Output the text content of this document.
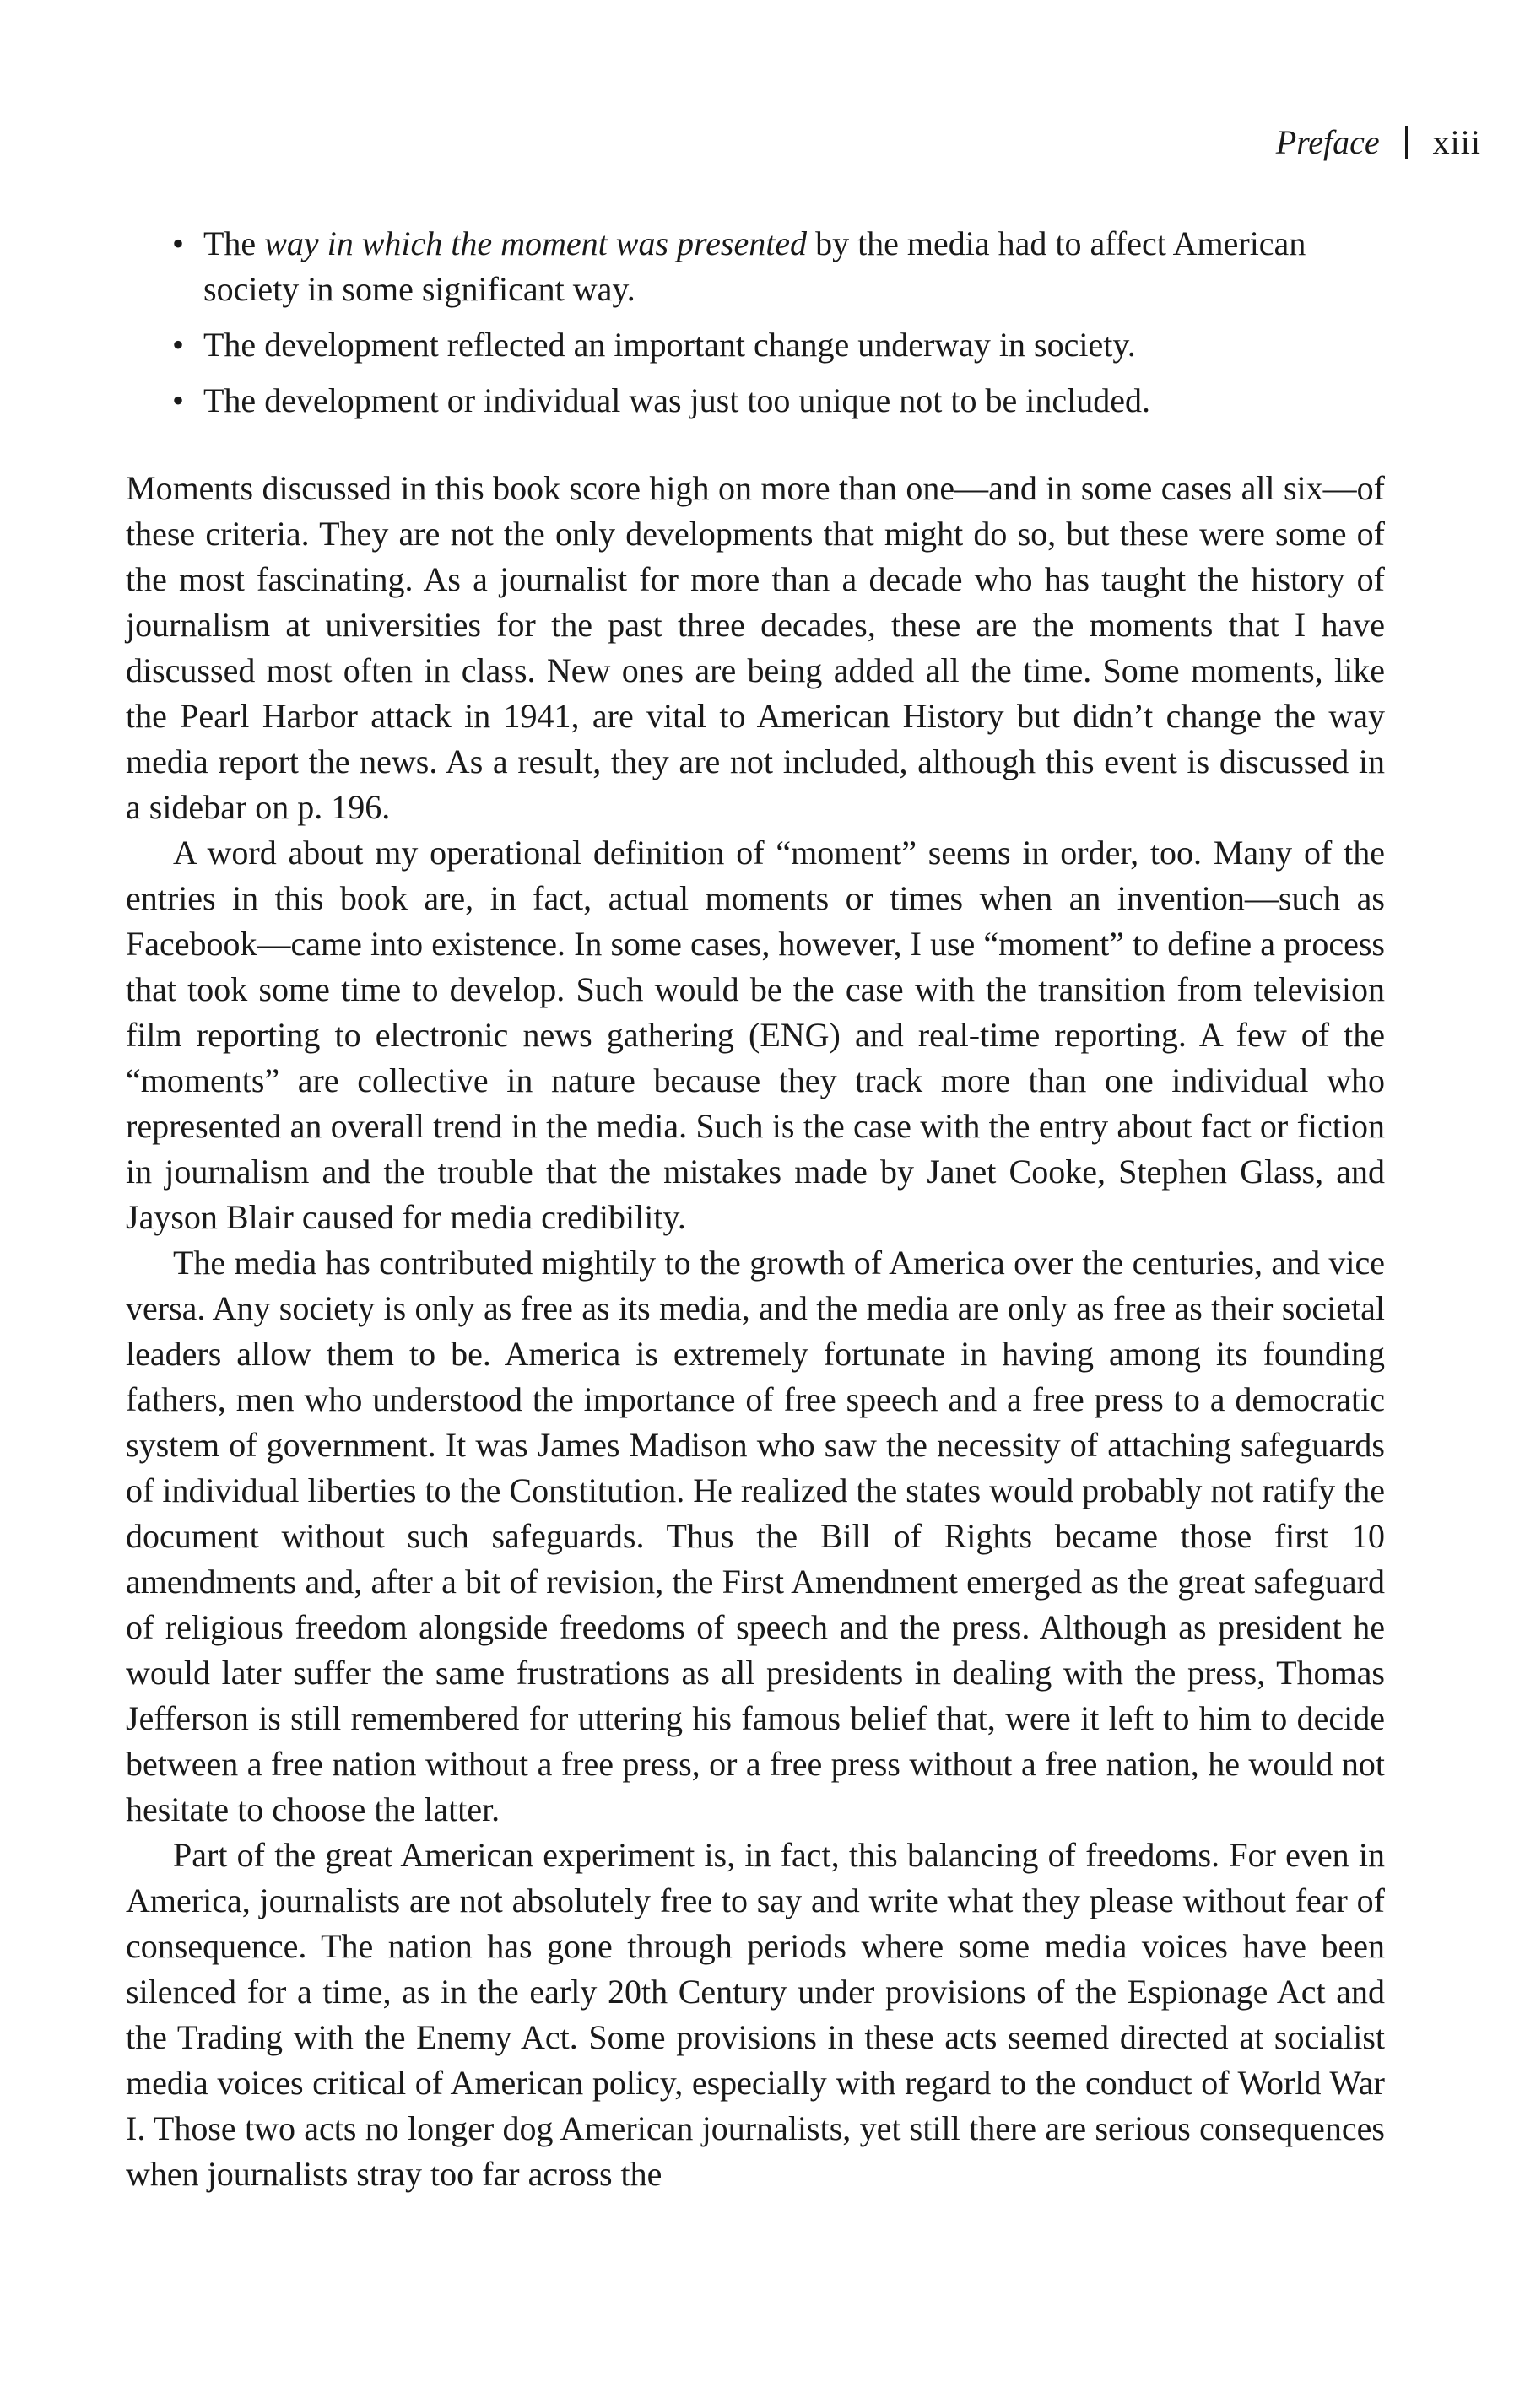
Preface xiii
• The way in which the moment was presented by the media had to affect American society in some significant way.
• The development reflected an important change underway in society.
• The development or individual was just too unique not to be included.

Moments discussed in this book score high on more than one—and in some cases all six—of these criteria. They are not the only developments that might do so, but these were some of the most fascinating. As a journalist for more than a decade who has taught the history of journalism at universities for the past three decades, these are the moments that I have discussed most often in class. New ones are being added all the time. Some moments, like the Pearl Harbor attack in 1941, are vital to American History but didn’t change the way media report the news. As a result, they are not included, although this event is discussed in a sidebar on p. 196.

A word about my operational definition of “moment” seems in order, too. Many of the entries in this book are, in fact, actual moments or times when an invention—such as Facebook—came into existence. In some cases, however, I use “moment” to define a process that took some time to develop. Such would be the case with the transition from television film reporting to electronic news gathering (ENG) and real-time reporting. A few of the “moments” are collective in nature because they track more than one individual who represented an overall trend in the media. Such is the case with the entry about fact or fiction in journalism and the trouble that the mistakes made by Janet Cooke, Stephen Glass, and Jayson Blair caused for media credibility.

The media has contributed mightily to the growth of America over the centuries, and vice versa. Any society is only as free as its media, and the media are only as free as their societal leaders allow them to be. America is extremely fortunate in having among its founding fathers, men who understood the importance of free speech and a free press to a democratic system of government. It was James Madison who saw the necessity of attaching safeguards of individual liberties to the Constitution. He realized the states would probably not ratify the document without such safeguards. Thus the Bill of Rights became those first 10 amendments and, after a bit of revision, the First Amendment emerged as the great safeguard of religious freedom alongside freedoms of speech and the press. Although as president he would later suffer the same frustrations as all presidents in dealing with the press, Thomas Jefferson is still remembered for uttering his famous belief that, were it left to him to decide between a free nation without a free press, or a free press without a free nation, he would not hesitate to choose the latter.

Part of the great American experiment is, in fact, this balancing of freedoms. For even in America, journalists are not absolutely free to say and write what they please without fear of consequence. The nation has gone through periods where some media voices have been silenced for a time, as in the early 20th Century under provisions of the Espionage Act and the Trading with the Enemy Act. Some provisions in these acts seemed directed at socialist media voices critical of American policy, especially with regard to the conduct of World War I. Those two acts no longer dog American journalists, yet still there are serious consequences when journalists stray too far across the
